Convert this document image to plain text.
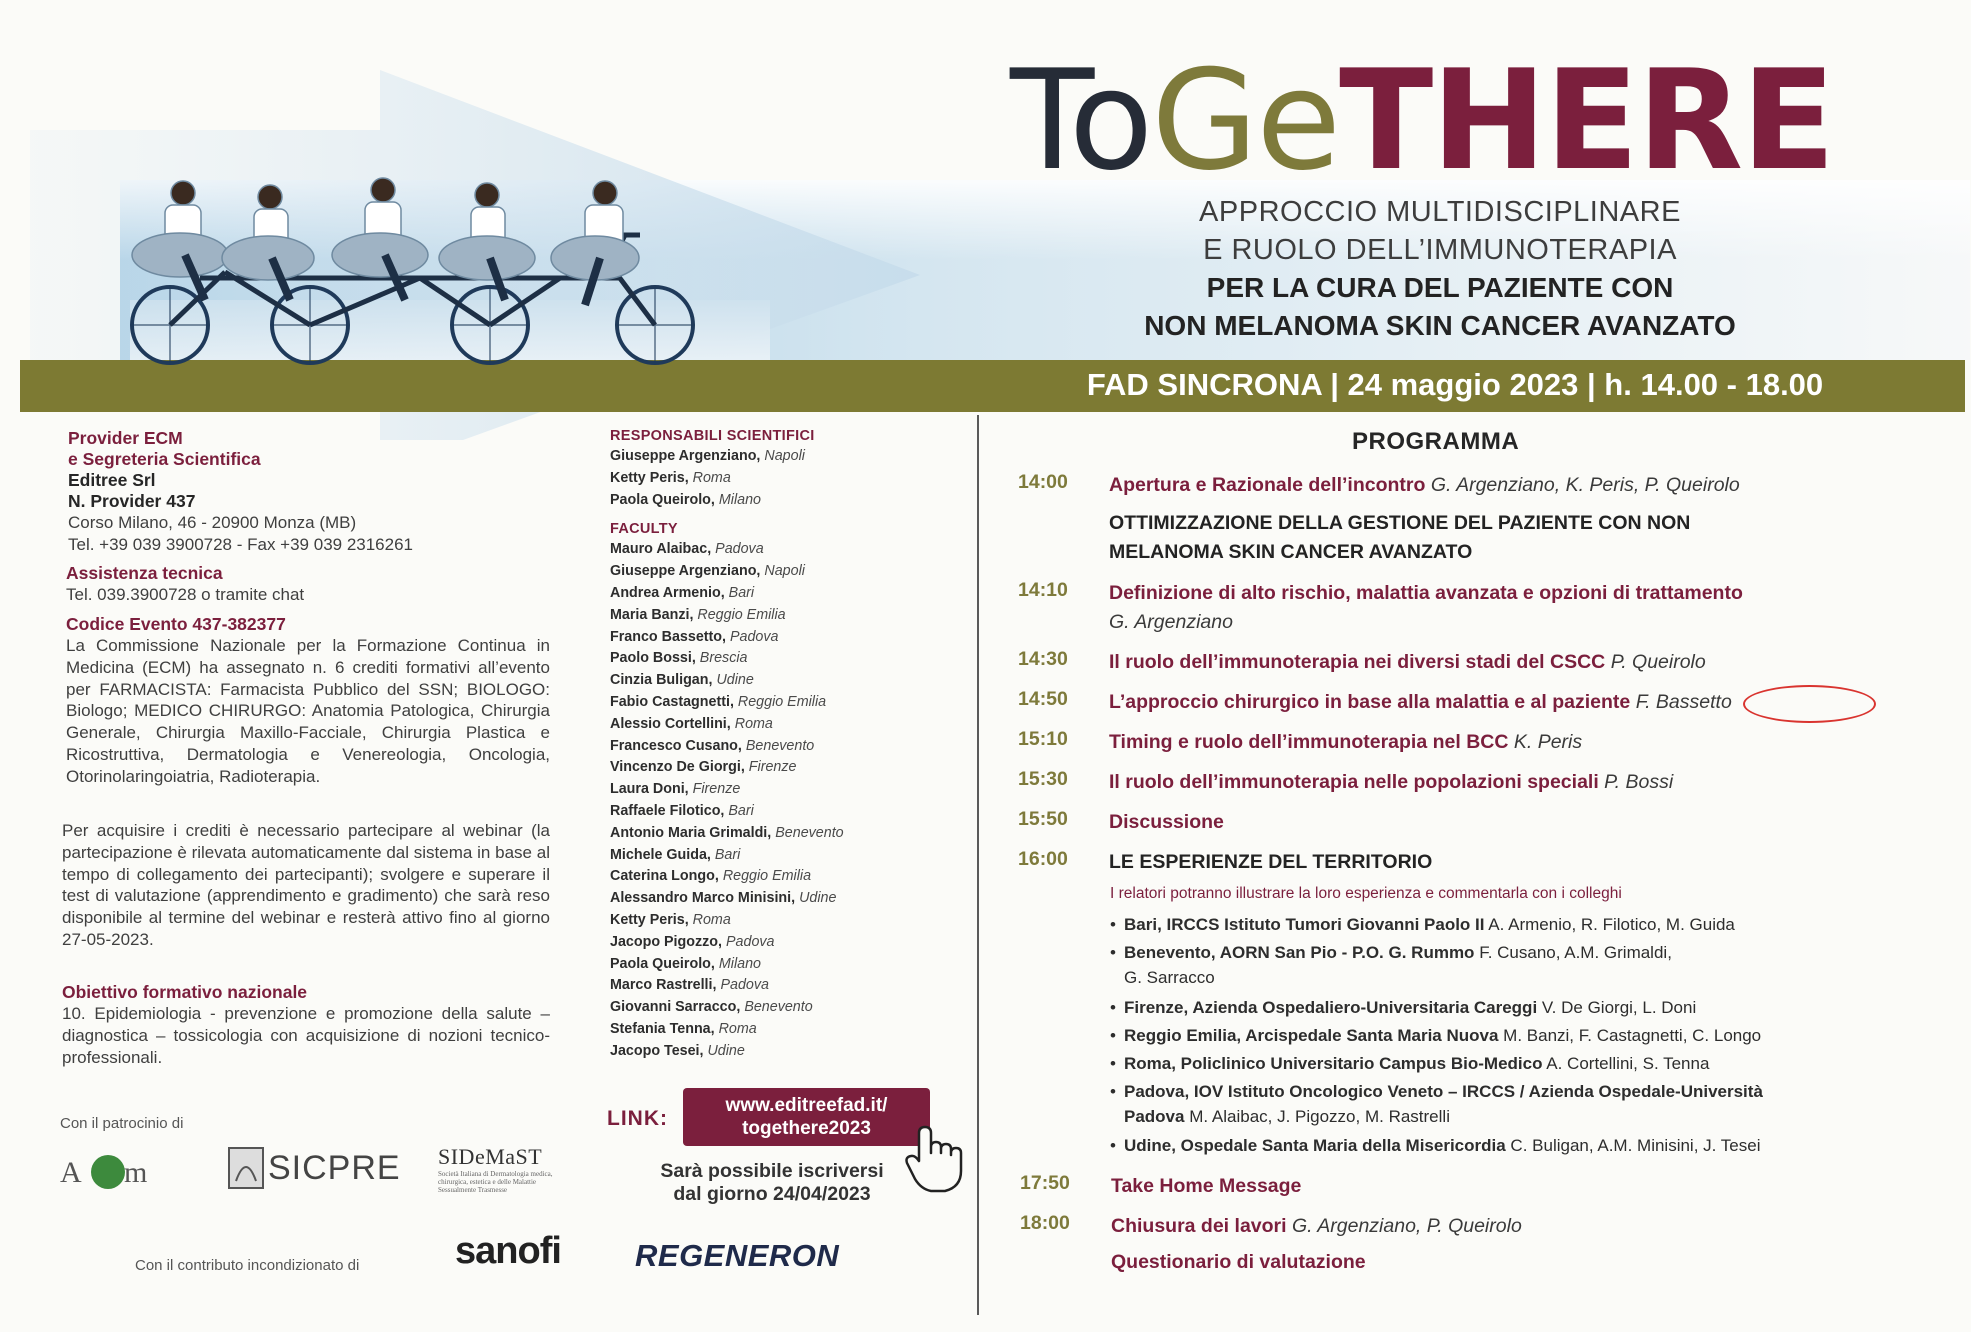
ToGeTHERE
APPROCCIO MULTIDISCIPLINARE
E RUOLO DELL’IMMUNOTERAPIA
PER LA CURA DEL PAZIENTE CON
NON MELANOMA SKIN CANCER AVANZATO
FAD SINCRONA | 24 maggio 2023 | h. 14.00 - 18.00
Provider ECM
e Segreteria Scientifica
Editree Srl
N. Provider 437
Corso Milano, 46 - 20900 Monza (MB)
Tel. +39 039 3900728 - Fax +39 039 2316261
Assistenza tecnica
Tel. 039.3900728 o tramite chat
Codice Evento 437-382377
La Commissione Nazionale per la Formazione Continua in Medicina (ECM) ha assegnato n. 6 crediti formativi all’evento per FARMACISTA: Farmacista Pubblico del SSN; BIOLOGO: Biologo; MEDICO CHIRURGO: Anatomia Patologica, Chirurgia Generale, Chirurgia Maxillo-Facciale, Chirurgia Plastica e Ricostruttiva, Dermatologia e Venereologia, Oncologia, Otorinolaringoiatria, Radioterapia.
Per acquisire i crediti è necessario partecipare al webinar (la partecipazione è rilevata automaticamente dal sistema in base al tempo di collegamento dei partecipanti); svolgere e superare il test di valutazione (apprendimento e gradimento) che sarà reso disponibile al termine del webinar e resterà attivo fino al giorno 27-05-2023.
Obiettivo formativo nazionale
10. Epidemiologia - prevenzione e promozione della salute – diagnostica – tossicologia con acquisizione di nozioni tecnico-professionali.
RESPONSABILI SCIENTIFICI
Giuseppe Argenziano, Napoli
Ketty Peris, Roma
Paola Queirolo, Milano
FACULTY
Mauro Alaibac, Padova
Giuseppe Argenziano, Napoli
Andrea Armenio, Bari
Maria Banzi, Reggio Emilia
Franco Bassetto, Padova
Paolo Bossi, Brescia
Cinzia Buligan, Udine
Fabio Castagnetti, Reggio Emilia
Alessio Cortellini, Roma
Francesco Cusano, Benevento
Vincenzo De Giorgi, Firenze
Laura Doni, Firenze
Raffaele Filotico, Bari
Antonio Maria Grimaldi, Benevento
Michele Guida, Bari
Caterina Longo, Reggio Emilia
Alessandro Marco Minisini, Udine
Ketty Peris, Roma
Jacopo Pigozzo, Padova
Paola Queirolo, Milano
Marco Rastrelli, Padova
Giovanni Sarracco, Benevento
Stefania Tenna, Roma
Jacopo Tesei, Udine
LINK:
www.editreefad.it/
togethere2023
Sarà possibile iscriversi
dal giorno 24/04/2023
Con il patrocinio di
A m	SICPRE SIDeMaST
Società Italiana di Dermatologia medica, chirurgica, estetica e delle Malattie Sessualmente Trasmesse
Con il contributo incondizionato di	sanofi REGENERON
PROGRAMMA
14:00 Apertura e Razionale dell’incontro G. Argenziano, K. Peris, P. Queirolo
OTTIMIZZAZIONE DELLA GESTIONE DEL PAZIENTE CON NON MELANOMA SKIN CANCER AVANZATO
14:10 Definizione di alto rischio, malattia avanzata e opzioni di trattamento G. Argenziano
14:30 Il ruolo dell’immunoterapia nei diversi stadi del CSCC P. Queirolo
14:50 L’approccio chirurgico in base alla malattia e al paziente F. Bassetto
15:10 Timing e ruolo dell’immunoterapia nel BCC K. Peris
15:30 Il ruolo dell’immunoterapia nelle popolazioni speciali P. Bossi
15:50 Discussione
16:00 LE ESPERIENZE DEL TERRITORIO
I relatori potranno illustrare la loro esperienza e commentarla con i colleghi
• Bari, IRCCS Istituto Tumori Giovanni Paolo II A. Armenio, R. Filotico, M. Guida
• Benevento, AORN San Pio - P.O. G. Rummo F. Cusano, A.M. Grimaldi,
G. Sarracco
• Firenze, Azienda Ospedaliero-Universitaria Careggi V. De Giorgi, L. Doni
• Reggio Emilia, Arcispedale Santa Maria Nuova M. Banzi, F. Castagnetti, C. Longo
• Roma, Policlinico Universitario Campus Bio-Medico A. Cortellini, S. Tenna
• Padova, IOV Istituto Oncologico Veneto – IRCCS / Azienda Ospedale-Università
Padova M. Alaibac, J. Pigozzo, M. Rastrelli
• Udine, Ospedale Santa Maria della Misericordia C. Buligan, A.M. Minisini, J. Tesei
17:50 Take Home Message
18:00 Chiusura dei lavori G. Argenziano, P. Queirolo
Questionario di valutazione
